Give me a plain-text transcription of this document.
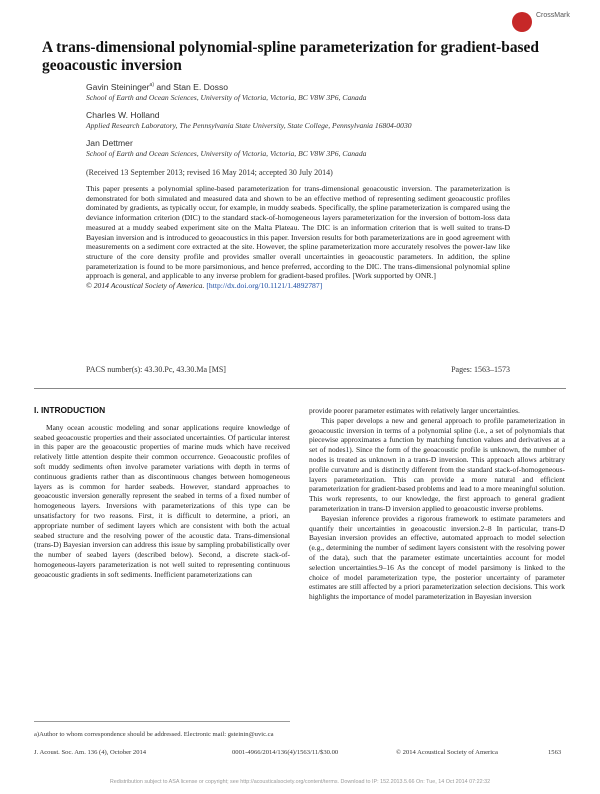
CrossMark
A trans-dimensional polynomial-spline parameterization for gradient-based geoacoustic inversion
Gavin Steininger$^{a)}$ and Stan E. Dosso
School of Earth and Ocean Sciences, University of Victoria, Victoria, BC V8W 3P6, Canada
Charles W. Holland
Applied Research Laboratory, The Pennsylvania State University, State College, Pennsylvania 16804-0030
Jan Dettmer
School of Earth and Ocean Sciences, University of Victoria, Victoria, BC V8W 3P6, Canada
(Received 13 September 2013; revised 16 May 2014; accepted 30 July 2014)
This paper presents a polynomial spline-based parameterization for trans-dimensional geoacoustic inversion. The parameterization is demonstrated for both simulated and measured data and shown to be an effective method of representing sediment geoacoustic profiles dominated by gradients, as typically occur, for example, in muddy seabeds. Specifically, the spline parameterization is compared using the deviance information criterion (DIC) to the standard stack-of-homogeneous layers parameterization for the inversion of bottom-loss data measured at a muddy seabed experiment site on the Malta Plateau. The DIC is an information criterion that is well suited to trans-D Bayesian inversion and is introduced to geoacoustics in this paper. Inversion results for both parameterizations are in good agreement with measurements on a sediment core extracted at the site. However, the spline parameterization more accurately resolves the power-law like structure of the core density profile and provides smaller overall uncertainties in geoacoustic parameters. In addition, the spline parameterization is found to be more parsimonious, and hence preferred, according to the DIC. The trans-dimensional polynomial spline approach is general, and applicable to any inverse problem for gradient-based profiles. [Work supported by ONR.]
© 2014 Acoustical Society of America. [http://dx.doi.org/10.1121/1.4892787]
PACS number(s): 43.30.Pc, 43.30.Ma [MS]	Pages: 1563–1573
I. INTRODUCTION

Many ocean acoustic modeling and sonar applications require knowledge of seabed geoacoustic properties and their associated uncertainties. Of particular interest in this paper are the geoacoustic properties of marine muds which have received relatively little attention despite their common occurrence. Geoacoustic profiles of soft muddy sediments often involve parameter variations with depth in terms of continuous gradients rather than as discontinuous changes between homogeneous layers as is common for harder seabeds. However, standard approaches to geoacoustic inversion generally represent the seabed in terms of a fixed number of homogeneous layers. Inversions with parameterizations of this type can be unsatisfactory for two reasons. First, it is difficult to determine, a priori, an appropriate number of sediment layers which are consistent with both the actual seabed structure and the resolving power of the acoustic data. Trans-dimensional (trans-D) Bayesian inversion can address this issue by sampling probabilistically over the number of seabed layers (described below). Second, a discrete stack-of-homogeneous-layers parameterization is not well suited to representing continuous geoacoustic gradients in soft sediments. Inefficient parameterizations can

provide poorer parameter estimates with relatively larger uncertainties.

This paper develops a new and general approach to profile parameterization in geoacoustic inversion in terms of a polynomial spline (i.e., a set of polynomials that piecewise approximates a function by matching function values and derivatives at a set of nodes1). Since the form of the geoacoustic profile is unknown, the number of nodes is treated as unknown in a trans-D inversion. This approach allows arbitrary profile curvature and is distinctly different from the standard stack-of-homogeneous-layers parameterization. This can provide a more natural and efficient parameterization for gradient-based problems and lead to a more meaningful solution. This work represents, to our knowledge, the first approach to general gradient parameterization in trans-D inversion applied to geoacoustic inverse problems.

Bayesian inference provides a rigorous framework to estimate parameters and quantify their uncertainties in geoacoustic inversion.2–8 In particular, trans-D Bayesian inversion provides an effective, automated approach to model selection (e.g., determining the number of sediment layers consistent with the resolving power of the data), such that the parameter estimate uncertainties account for model selection uncertainties.9–16 As the concept of model parsimony is linked to the choice of model parameterization type, the posterior uncertainty of parameter estimates are still affected by a priori parameterization selection decisions. This work highlights the importance of model parameterization in Bayesian inversion

a)Author to whom correspondence should be addressed. Electronic mail: gsteinin@uvic.ca
J. Acoust. Soc. Am. 136 (4), October 2014	0001-4966/2014/136(4)/1563/11/$30.00	© 2014 Acoustical Society of America	1563
Redistribution subject to ASA license or copyright; see http://acousticalsociety.org/content/terms. Download to IP: 152.2013.5.66 On: Tue, 14 Oct 2014 07:22:32
